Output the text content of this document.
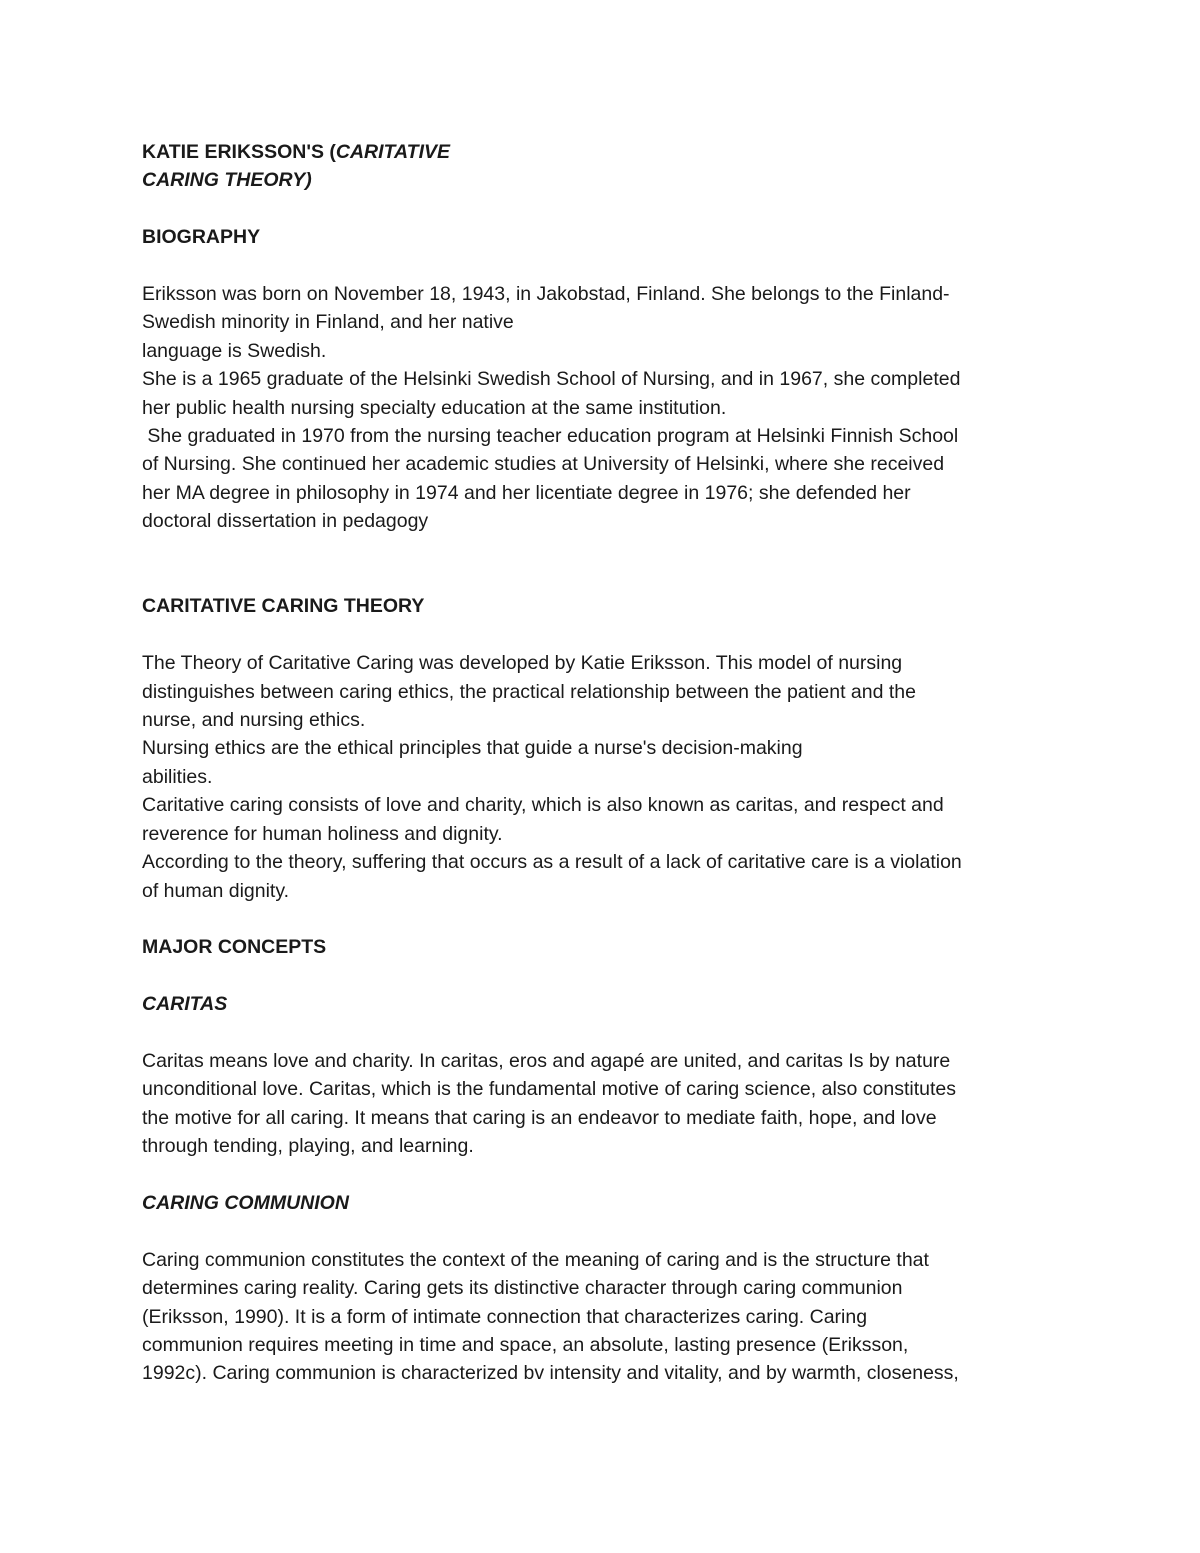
KATIE ERIKSSON'S (CARITATIVE
CARING THEORY)
BIOGRAPHY
Eriksson was born on November 18, 1943, in Jakobstad, Finland. She belongs to the Finland-
Swedish minority in Finland, and her native
language is Swedish.
She is a 1965 graduate of the Helsinki Swedish School of Nursing, and in 1967, she completed
her public health nursing specialty education at the same institution.
She graduated in 1970 from the nursing teacher education program at Helsinki Finnish School
of Nursing. She continued her academic studies at University of Helsinki, where she received
her MA degree in philosophy in 1974 and her licentiate degree in 1976; she defended her
doctoral dissertation in pedagogy
CARITATIVE CARING THEORY
The Theory of Caritative Caring was developed by Katie Eriksson. This model of nursing
distinguishes between caring ethics, the practical relationship between the patient and the
nurse, and nursing ethics.
Nursing ethics are the ethical principles that guide a nurse's decision-making
abilities.
Caritative caring consists of love and charity, which is also known as caritas, and respect and
reverence for human holiness and dignity.
According to the theory, suffering that occurs as a result of a lack of caritative care is a violation
of human dignity.
MAJOR CONCEPTS
CARITAS
Caritas means love and charity. In caritas, eros and agapé are united, and caritas Is by nature
unconditional love. Caritas, which is the fundamental motive of caring science, also constitutes
the motive for all caring. It means that caring is an endeavor to mediate faith, hope, and love
through tending, playing, and learning.
CARING COMMUNION
Caring communion constitutes the context of the meaning of caring and is the structure that
determines caring reality. Caring gets its distinctive character through caring communion
(Eriksson, 1990). It is a form of intimate connection that characterizes caring. Caring
communion requires meeting in time and space, an absolute, lasting presence (Eriksson,
1992c). Caring communion is characterized bv intensity and vitality, and by warmth, closeness,
